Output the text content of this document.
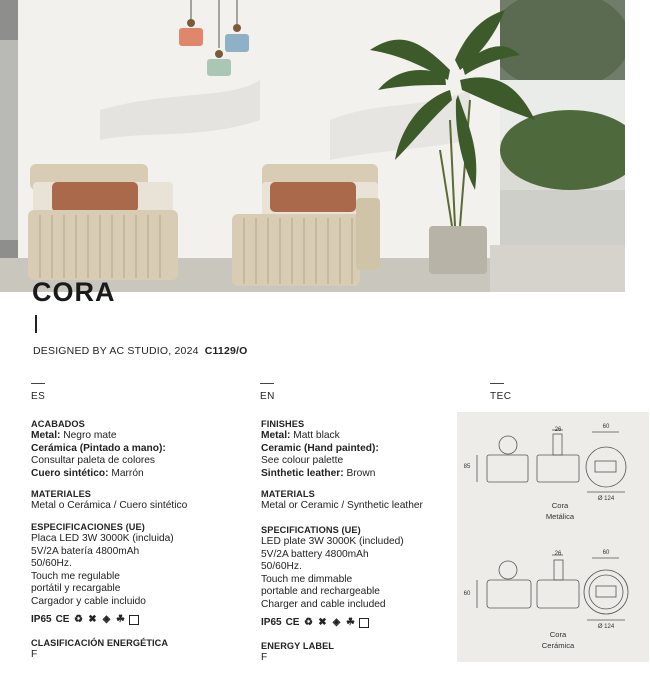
CORA
DESIGNED BY AC STUDIO, 2024 C1129/O
ES	EN	TEC
ACABADOS
Metal: Negro mate
Cerámica (Pintado a mano):
Consultar paleta de colores
Cuero sintético: Marrón
MATERIALES
Metal o Cerámica / Cuero sintético
ESPECIFICACIONES (UE)
Placa LED 3W 3000K (incluida)
5V/2A batería 4800mAh
50/60Hz.
Touch me regulable
portátil y recargable
Cargador y cable incluido
IP65 CE ♻ ✖ ◈ ☘
CLASIFICACIÓN ENERGÉTICA
F
FINISHES
Metal: Matt black
Ceramic (Hand painted):
See colour palette
Sinthetic leather: Brown
MATERIALS
Metal or Ceramic / Synthetic leather
SPECIFICATIONS (UE)
LED plate 3W 3000K (included)
5V/2A battery 4800mAh
50/60Hz.
Touch me dimmable
portable and rechargeable
Charger and cable included
IP65 CE ♻ ✖ ◈ ☘
ENERGY LABEL
F
26	60
85
Ø 124
Cora
Metálica
26	60
60
Ø 124
Cora
Cerámica
